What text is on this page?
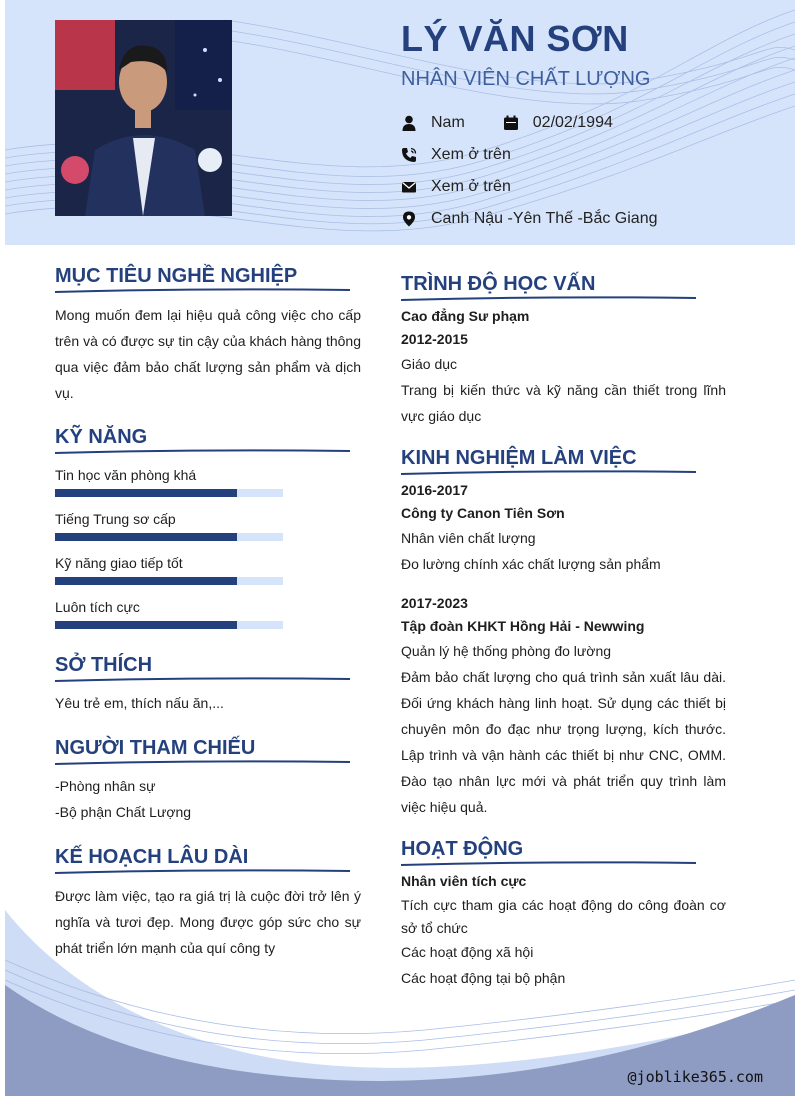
LÝ VĂN SƠN
NHÂN VIÊN CHẤT LƯỢNG
Nam	02/02/1994
Xem ở trên
Xem ở trên
Canh Nậu -Yên Thế -Bắc Giang
@joblike365.com
MỤC TIÊU NGHỀ NGHIỆP
Mong muốn đem lại hiệu quả công việc cho cấp trên và có được sự tin cậy của khách hàng thông qua việc đảm bảo chất lượng sản phẩm và dịch vụ.
KỸ NĂNG
Tin học văn phòng khá
Tiếng Trung sơ cấp
Kỹ năng giao tiếp tốt
Luôn tích cực
SỞ THÍCH
Yêu trẻ em, thích nấu ăn,...
NGƯỜI THAM CHIẾU
-Phòng nhân sự
-Bộ phận Chất Lượng
KẾ HOẠCH LÂU DÀI
Được làm việc, tạo ra giá trị là cuộc đời trở lên ý nghĩa và tươi đẹp. Mong được góp sức cho sự phát triển lớn mạnh của quí công ty
TRÌNH ĐỘ HỌC VẤN
Cao đẳng Sư phạm
2012-2015
Giáo dục
Trang bị kiến thức và kỹ năng cần thiết trong lĩnh vực giáo dục
KINH NGHIỆM LÀM VIỆC
2016-2017
Công ty Canon Tiên Sơn
Nhân viên chất lượng
Đo lường chính xác chất lượng sản phẩm
2017-2023
Tập đoàn KHKT Hồng Hải - Newwing
Quản lý hệ thống phòng đo lường
Đảm bảo chất lượng cho quá trình sản xuất lâu dài. Đối ứng khách hàng linh hoạt. Sử dụng các thiết bị chuyên môn đo đạc như trọng lượng, kích thước. Lập trình và vận hành các thiết bị như CNC, OMM. Đào tạo nhân lực mới và phát triển quy trình làm việc hiệu quả.
HOẠT ĐỘNG
Nhân viên tích cực
Tích cực tham gia các hoạt động do công đoàn cơ sở tổ chức
Các hoạt động xã hội
Các hoạt động tại bộ phận
